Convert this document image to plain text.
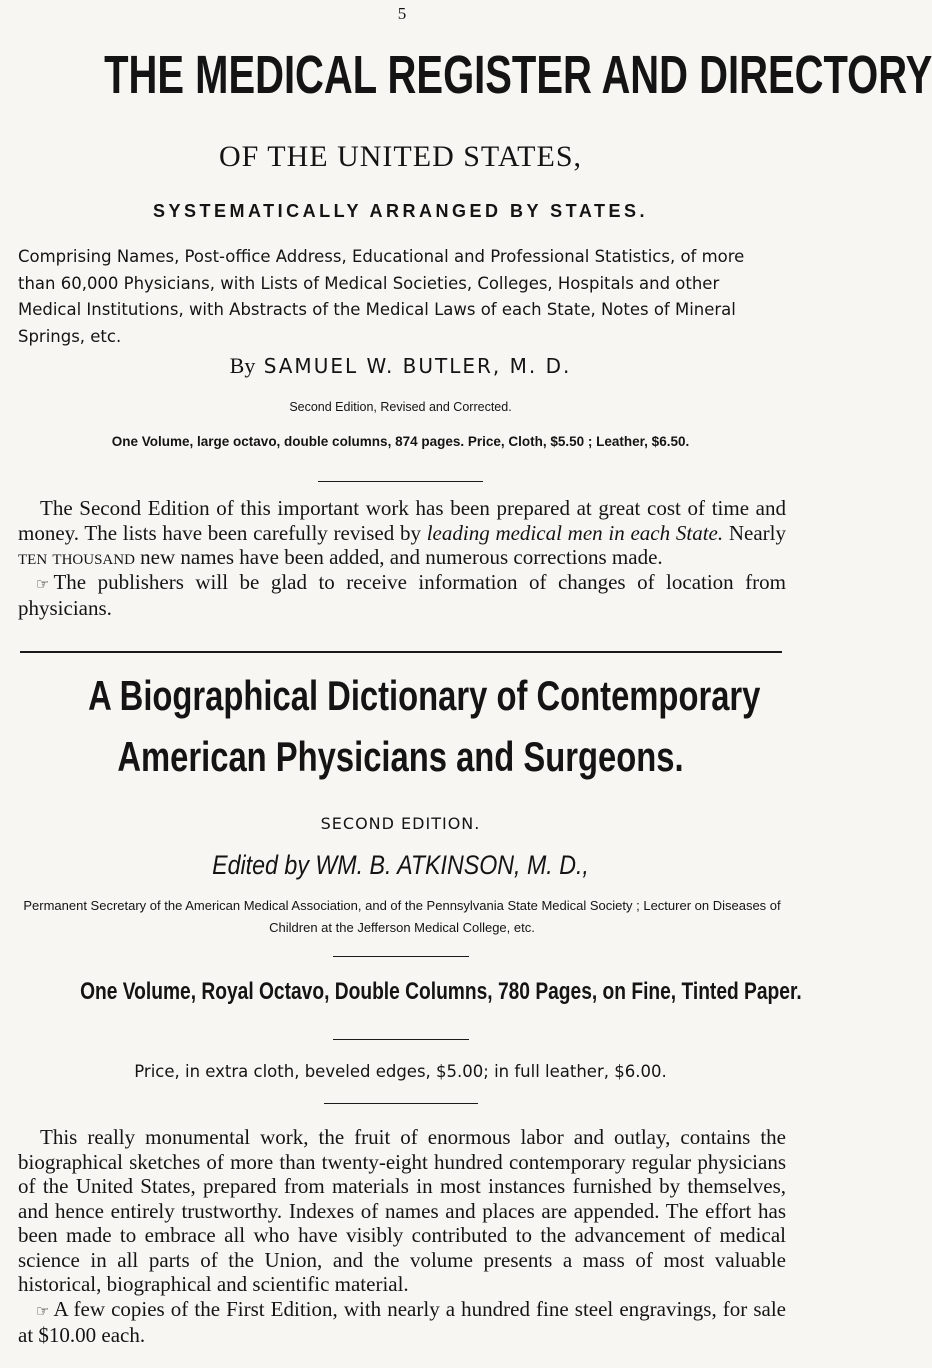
5
THE MEDICAL REGISTER AND DIRECTORY
OF THE UNITED STATES,
SYSTEMATICALLY ARRANGED BY STATES.
Comprising Names, Post-office Address, Educational and Professional Statistics, of more than 60,000 Physicians, with Lists of Medical Societies, Colleges, Hospitals and other Medical Institutions, with Abstracts of the Medical Laws of each State, Notes of Mineral Springs, etc.
By SAMUEL W. BUTLER, M. D.
Second Edition, Revised and Corrected.
One Volume, large octavo, double columns, 874 pages. Price, Cloth, $5.50 ; Leather, $6.50.

The Second Edition of this important work has been prepared at great cost of time and money. The lists have been carefully revised by leading medical men in each State. Nearly ten thousand new names have been added, and numerous corrections made.

☞ The publishers will be glad to receive information of changes of location from physicians.

A Biographical Dictionary of Contemporary
American Physicians and Surgeons.
SECOND EDITION.
Edited by WM. B. ATKINSON, M. D.,
Permanent Secretary of the American Medical Association, and of the Pennsylvania State Medical Society ; Lecturer on Diseases of Children at the Jefferson Medical College, etc.
One Volume, Royal Octavo, Double Columns, 780 Pages, on Fine, Tinted Paper.
Price, in extra cloth, beveled edges, $5.00; in full leather, $6.00.

This really monumental work, the fruit of enormous labor and outlay, contains the biographical sketches of more than twenty-eight hundred contemporary regular physicians of the United States, prepared from materials in most instances furnished by themselves, and hence entirely trustworthy. Indexes of names and places are appended. The effort has been made to embrace all who have visibly contributed to the advancement of medical science in all parts of the Union, and the volume presents a mass of most valuable historical, biographical and scientific material.

☞ A few copies of the First Edition, with nearly a hundred fine steel engravings, for sale at $10.00 each.
